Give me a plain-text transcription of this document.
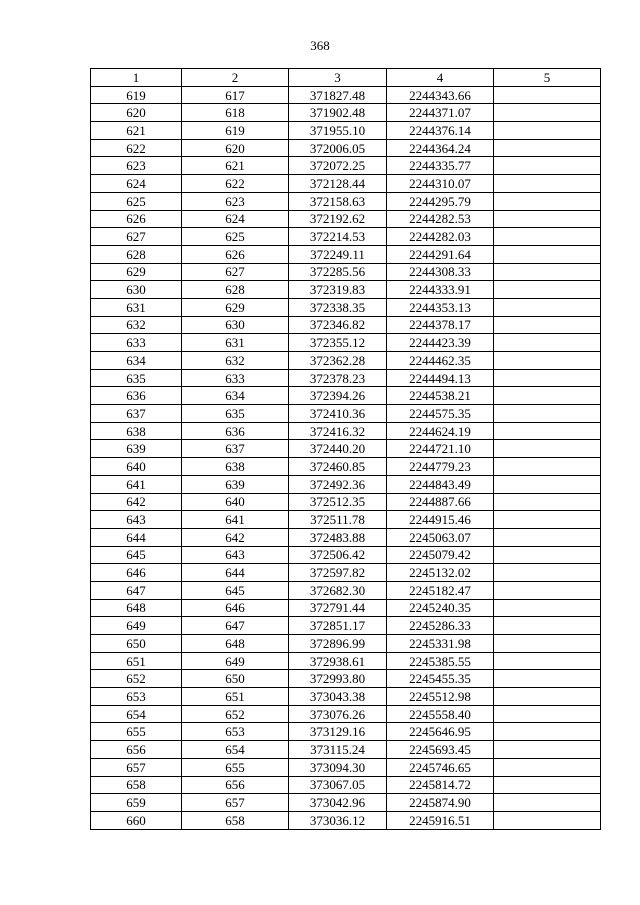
368
1	2	3	4	5
619	617	371827.48	2244343.66	
620	618	371902.48	2244371.07	
621	619	371955.10	2244376.14	
622	620	372006.05	2244364.24	
623	621	372072.25	2244335.77	
624	622	372128.44	2244310.07	
625	623	372158.63	2244295.79	
626	624	372192.62	2244282.53	
627	625	372214.53	2244282.03	
628	626	372249.11	2244291.64	
629	627	372285.56	2244308.33	
630	628	372319.83	2244333.91	
631	629	372338.35	2244353.13	
632	630	372346.82	2244378.17	
633	631	372355.12	2244423.39	
634	632	372362.28	2244462.35	
635	633	372378.23	2244494.13	
636	634	372394.26	2244538.21	
637	635	372410.36	2244575.35	
638	636	372416.32	2244624.19	
639	637	372440.20	2244721.10	
640	638	372460.85	2244779.23	
641	639	372492.36	2244843.49	
642	640	372512.35	2244887.66	
643	641	372511.78	2244915.46	
644	642	372483.88	2245063.07	
645	643	372506.42	2245079.42	
646	644	372597.82	2245132.02	
647	645	372682.30	2245182.47	
648	646	372791.44	2245240.35	
649	647	372851.17	2245286.33	
650	648	372896.99	2245331.98	
651	649	372938.61	2245385.55	
652	650	372993.80	2245455.35	
653	651	373043.38	2245512.98	
654	652	373076.26	2245558.40	
655	653	373129.16	2245646.95	
656	654	373115.24	2245693.45	
657	655	373094.30	2245746.65	
658	656	373067.05	2245814.72	
659	657	373042.96	2245874.90	
660	658	373036.12	2245916.51	
